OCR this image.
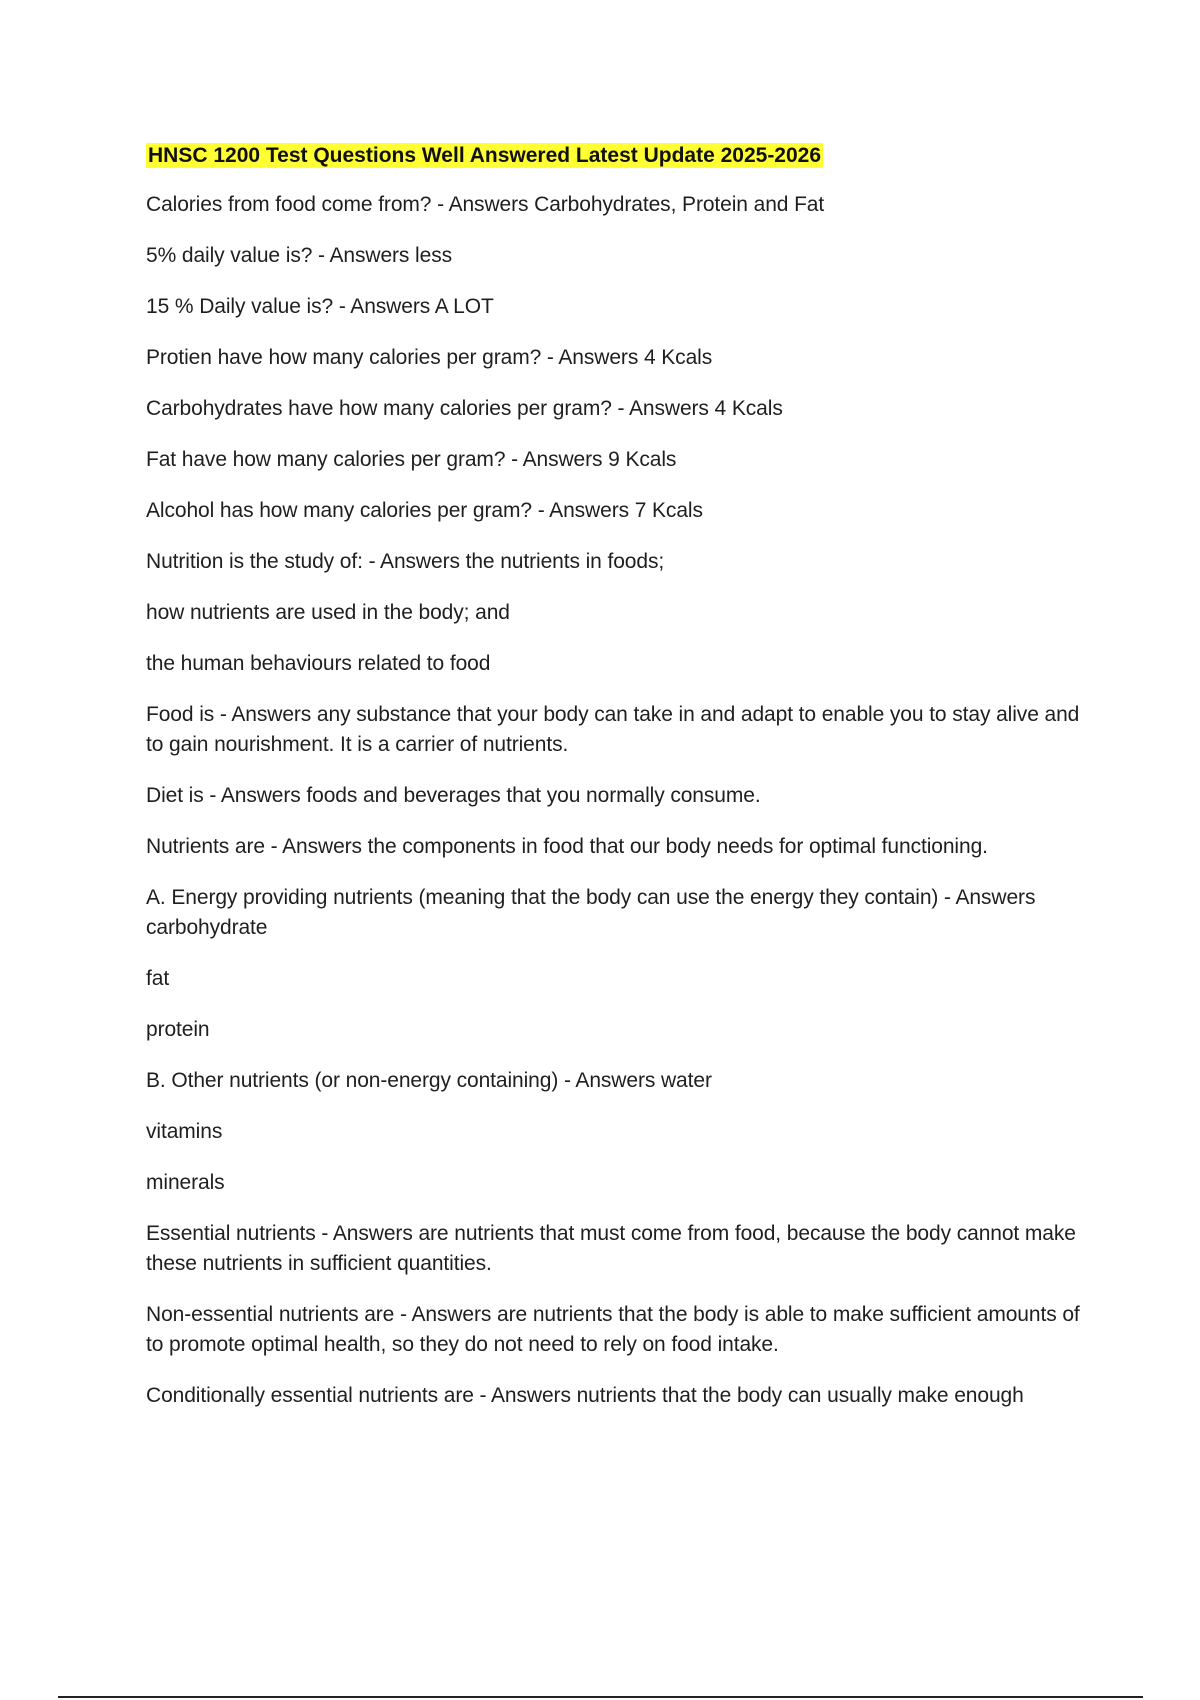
HNSC 1200 Test Questions Well Answered Latest Update 2025-2026

Calories from food come from? - Answers Carbohydrates, Protein and Fat

5% daily value is? - Answers less

15 % Daily value is? - Answers A LOT

Protien have how many calories per gram? - Answers 4 Kcals

Carbohydrates have how many calories per gram? - Answers 4 Kcals

Fat have how many calories per gram? - Answers 9 Kcals

Alcohol has how many calories per gram? - Answers 7 Kcals

Nutrition is the study of: - Answers the nutrients in foods;

how nutrients are used in the body; and

the human behaviours related to food

Food is - Answers any substance that your body can take in and adapt to enable you to stay alive and to gain nourishment. It is a carrier of nutrients.

Diet is - Answers foods and beverages that you normally consume.

Nutrients are - Answers the components in food that our body needs for optimal functioning.

A. Energy providing nutrients (meaning that the body can use the energy they contain) - Answers carbohydrate

fat

protein

B. Other nutrients (or non-energy containing) - Answers water

vitamins

minerals

Essential nutrients - Answers are nutrients that must come from food, because the body cannot make these nutrients in sufficient quantities.

Non-essential nutrients are - Answers are nutrients that the body is able to make sufficient amounts of to promote optimal health, so they do not need to rely on food intake.

Conditionally essential nutrients are - Answers nutrients that the body can usually make enough
